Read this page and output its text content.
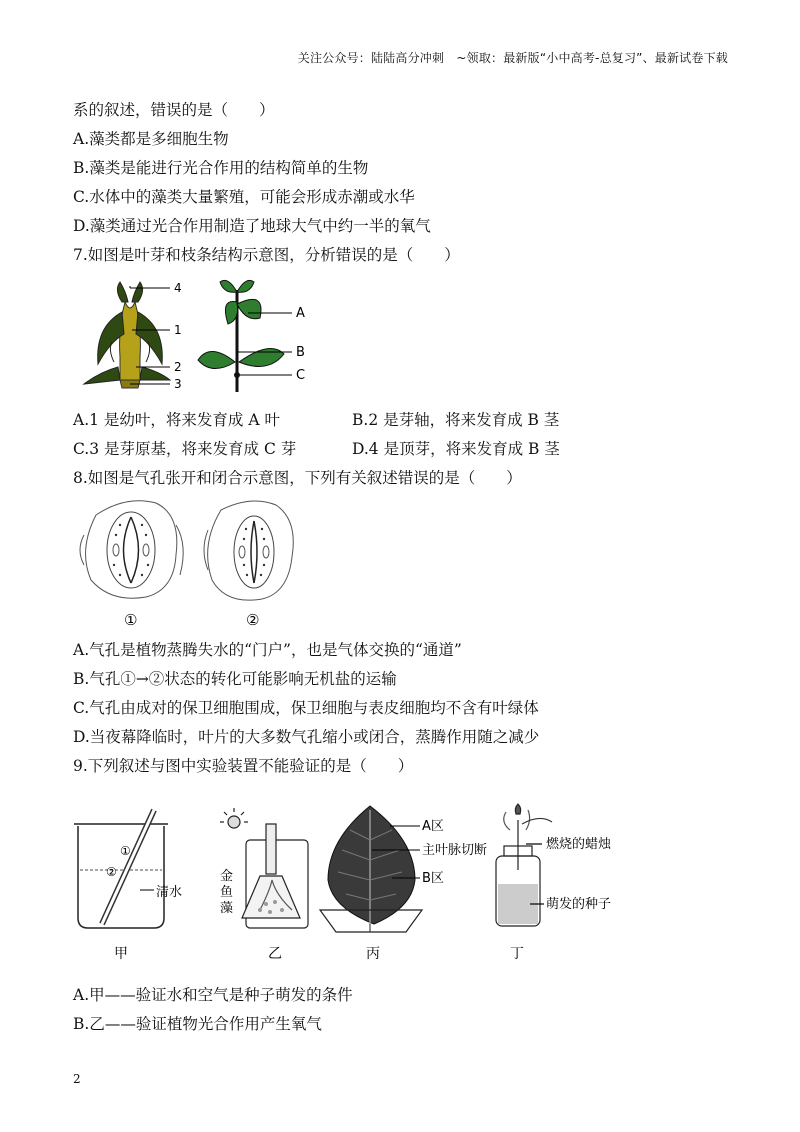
关注公众号：陆陆高分冲刺　~领取：最新版“小中高考-总复习”、最新试卷下载
系的叙述，错误的是（　　）
A.藻类都是多细胞生物
B.藻类是能进行光合作用的结构简单的生物
C.水体中的藻类大量繁殖，可能会形成赤潮或水华
D.藻类通过光合作用制造了地球大气中约一半的氧气
7.如图是叶芽和枝条结构示意图，分析错误的是（　　）
4
1
2
3
A
B
C
A.1 是幼叶，将来发育成 A 叶	B.2 是芽轴，将来发育成 B 茎
C.3 是芽原基，将来发育成 C 芽	D.4 是顶芽，将来发育成 B 茎
8.如图是气孔张开和闭合示意图，下列有关叙述错误的是（　　）
①	②
A.气孔是植物蒸腾失水的“门户”，也是气体交换的“通道”
B.气孔①→②状态的转化可能影响无机盐的运输
C.气孔由成对的保卫细胞围成，保卫细胞与表皮细胞均不含有叶绿体
D.当夜幕降临时，叶片的大多数气孔缩小或闭合，蒸腾作用随之减少
9.下列叙述与图中实验装置不能验证的是（　　）
①
②
清水
甲
金
鱼
藻
乙
A区
主叶脉切断
B区
丙
燃烧的蜡烛
萌发的种子
丁
A.甲——验证水和空气是种子萌发的条件
B.乙——验证植物光合作用产生氧气
2
